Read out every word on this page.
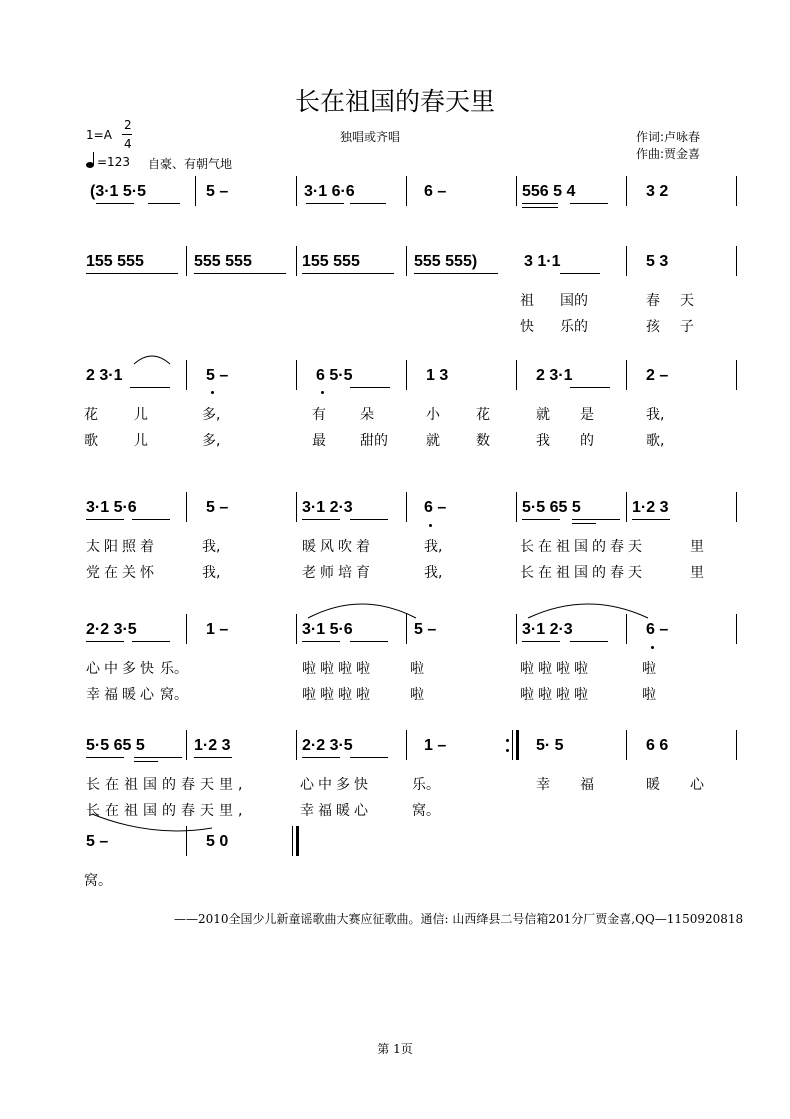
长在祖国的春天里
1=A
2
4
=123 自豪、有朝气地
独唱或齐唱	作词:卢咏春
作曲:贾金喜
(3·1 5·5	5 –	3·1 6·6	6 –	556 5 4	3 2
155 555	555 555	155 555	555 555)	3 1·1	5 3
祖 国的	春 天
快 乐的	孩 子
2 3·1	5 –	6 5·5	1 3	2 3·1	2 –
花	儿	多,	有 朵	小	花	就 是	我,
歌	儿	多,	最 甜的	就	数	我 的	歌,
3·1 5·6	5 –	3·1 2·3	6 –	5·5 65 5	1·2 3
太阳照着	我,	暖风吹着	我,	长在祖国的春天	里
党在关怀	我,	老师培育	我,	长在祖国的春天	里
2·2 3·5	1 –	3·1 5·6	5 –	3·1 2·3	6 –
心中多快 乐。	啦啦啦啦	啦	啦啦啦啦	啦
幸福暖心 窝。	啦啦啦啦	啦	啦啦啦啦	啦
5·5 65 5	1·2 3	2·2 3·5	1 –	5· 5	6 6
长在祖国的春天里,	心中多快	乐。	幸 福	暖 心
长在祖国的春天里,	幸福暖心	窝。
5 –	5 0
窝。
——2010全国少儿新童谣歌曲大赛应征歌曲。通信: 山西绛县二号信箱201分厂贾金喜,QQ—1150920818
第 1页
